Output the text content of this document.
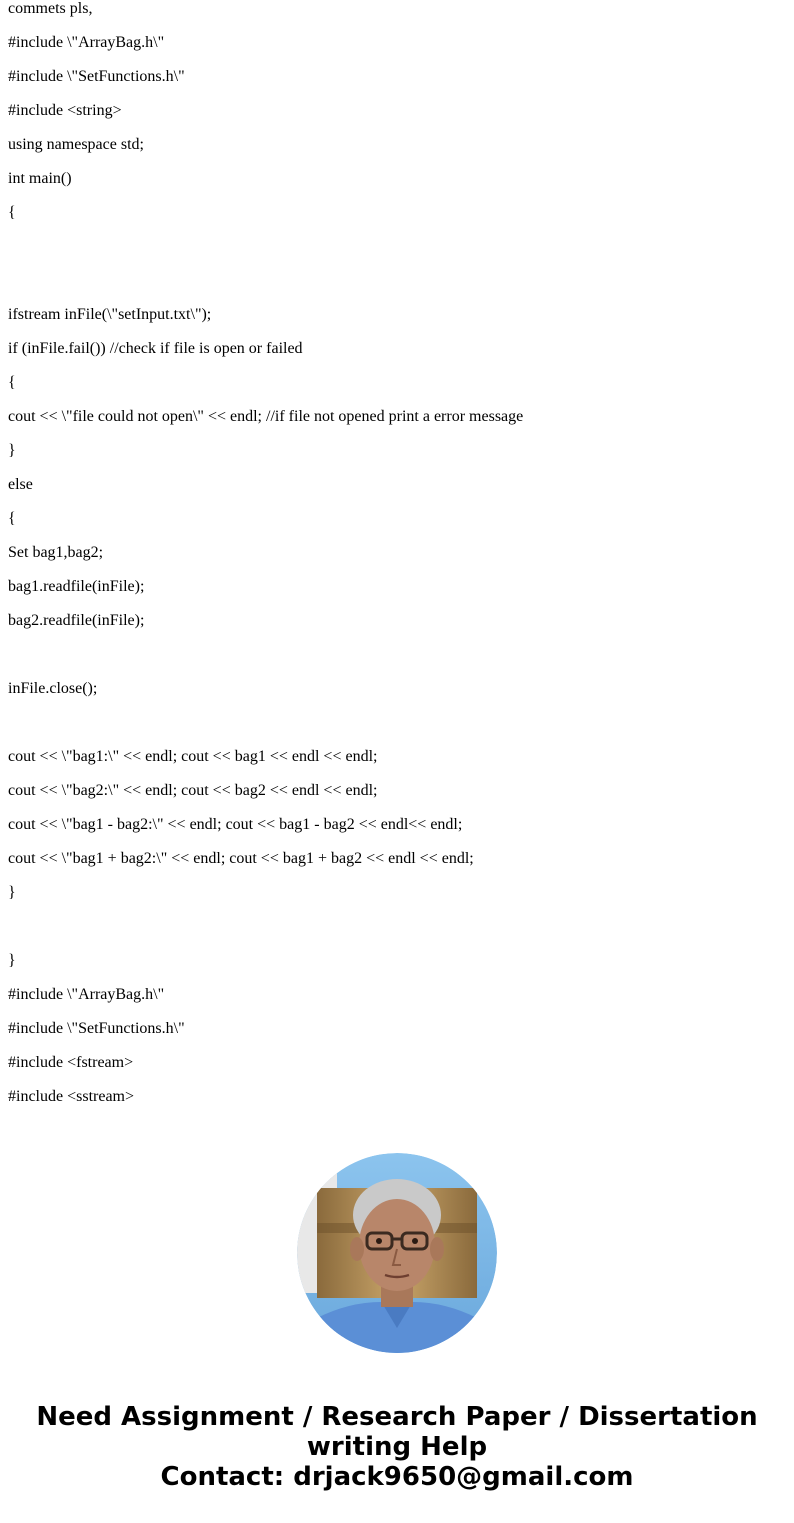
commets pls,
#include \"ArrayBag.h\"
#include \"SetFunctions.h\"
#include <string>
using namespace std;
int main()
{
ifstream inFile(\"setInput.txt\");
if (inFile.fail()) //check if file is open or failed
{
cout << \"file could not open\" << endl; //if file not opened print a error message
}
else
{
Set bag1,bag2;
bag1.readfile(inFile);
bag2.readfile(inFile);
inFile.close();
cout << \"bag1:\" << endl; cout << bag1 << endl << endl;
cout << \"bag2:\" << endl; cout << bag2 << endl << endl;
cout << \"bag1 - bag2:\" << endl; cout << bag1 - bag2 << endl<< endl;
cout << \"bag1 + bag2:\" << endl; cout << bag1 + bag2 << endl << endl;
}
}
#include \"ArrayBag.h\"
#include \"SetFunctions.h\"
#include <fstream>
#include <sstream>
Need Assignment / Research Paper / Dissertation
writing Help
Contact: drjack9650@gmail.com
